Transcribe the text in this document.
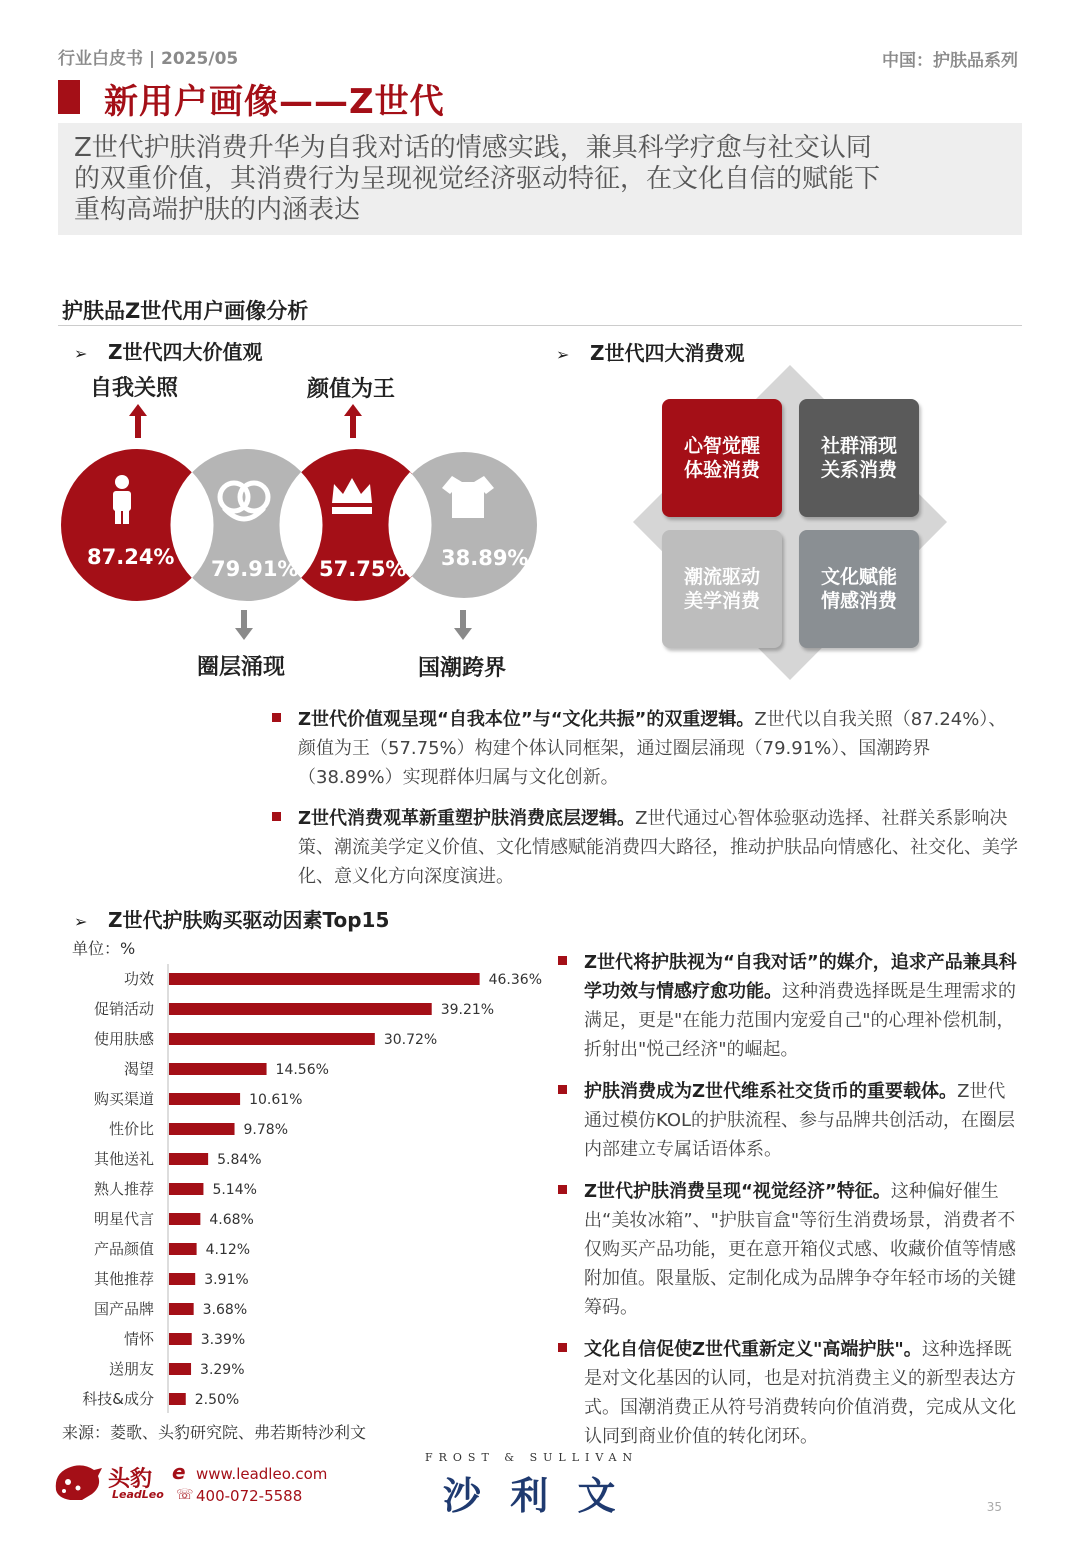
行业白皮书 | 2025/05	中国：护肤品系列
新用户画像——Z世代

Z世代护肤消费升华为自我对话的情感实践，兼具科学疗愈与社交认同

的双重价值，其消费行为呈现视觉经济驱动特征，在文化自信的赋能下

重构高端护肤的内涵表达

护肤品Z世代用户画像分析
➢ Z世代四大价值观
自我关照	颜值为王
87.24% 79.91% 57.75% 38.89%
圈层涌现	国潮跨界
➢ Z世代四大消费观
心智觉醒
体验消费
社群涌现
关系消费
潮流驱动
美学消费
文化赋能
情感消费
Z世代价值观呈现“自我本位”与“文化共振”的双重逻辑。Z世代以自我关照（87.24%）、颜值为王（57.75%）构建个体认同框架，通过圈层涌现（79.91%）、国潮跨界（38.89%）实现群体归属与文化创新。
Z世代消费观革新重塑护肤消费底层逻辑。Z世代通过心智体验驱动选择、社群关系影响决策、潮流美学定义价值、文化情感赋能消费四大路径，推动护肤品向情感化、社交化、美学化、意义化方向深度演进。
➢ Z世代护肤购买驱动因素Top15
单位：%
功效	46.36%
促销活动	39.21%
使用肤感	30.72%
渴望	14.56%
购买渠道	10.61%
性价比	9.78%
其他送礼	5.84%
熟人推荐	5.14%
明星代言	4.68%
产品颜值	4.12%
其他推荐	3.91%
国产品牌	3.68%
情怀	3.39%
送朋友	3.29%
科技&成分	2.50%
来源：菱歌、头豹研究院、弗若斯特沙利文
Z世代将护肤视为“自我对话”的媒介，追求产品兼具科学功效与情感疗愈功能。这种消费选择既是生理需求的满足，更是"在能力范围内宠爱自己"的心理补偿机制，折射出"悦己经济"的崛起。
护肤消费成为Z世代维系社交货币的重要载体。Z世代通过模仿KOL的护肤流程、参与品牌共创活动，在圈层内部建立专属话语体系。
Z世代护肤消费呈现“视觉经济”特征。这种偏好催生出“美妆冰箱”、"护肤盲盒"等衍生消费场景，消费者不仅购买产品功能，更在意开箱仪式感、收藏价值等情感附加值。限量版、定制化成为品牌争夺年轻市场的关键筹码。
文化自信促使Z世代重新定义"高端护肤"。这种选择既是对文化基因的认同，也是对抗消费主义的新型表达方式。国潮消费正从符号消费转向价值消费，完成从文化认同到商业价值的转化闭环。
头豹
LeadLeo
e www.leadleo.com
☏ 400-072-5588
FROST & SULLIVAN
沙 利 文	35
